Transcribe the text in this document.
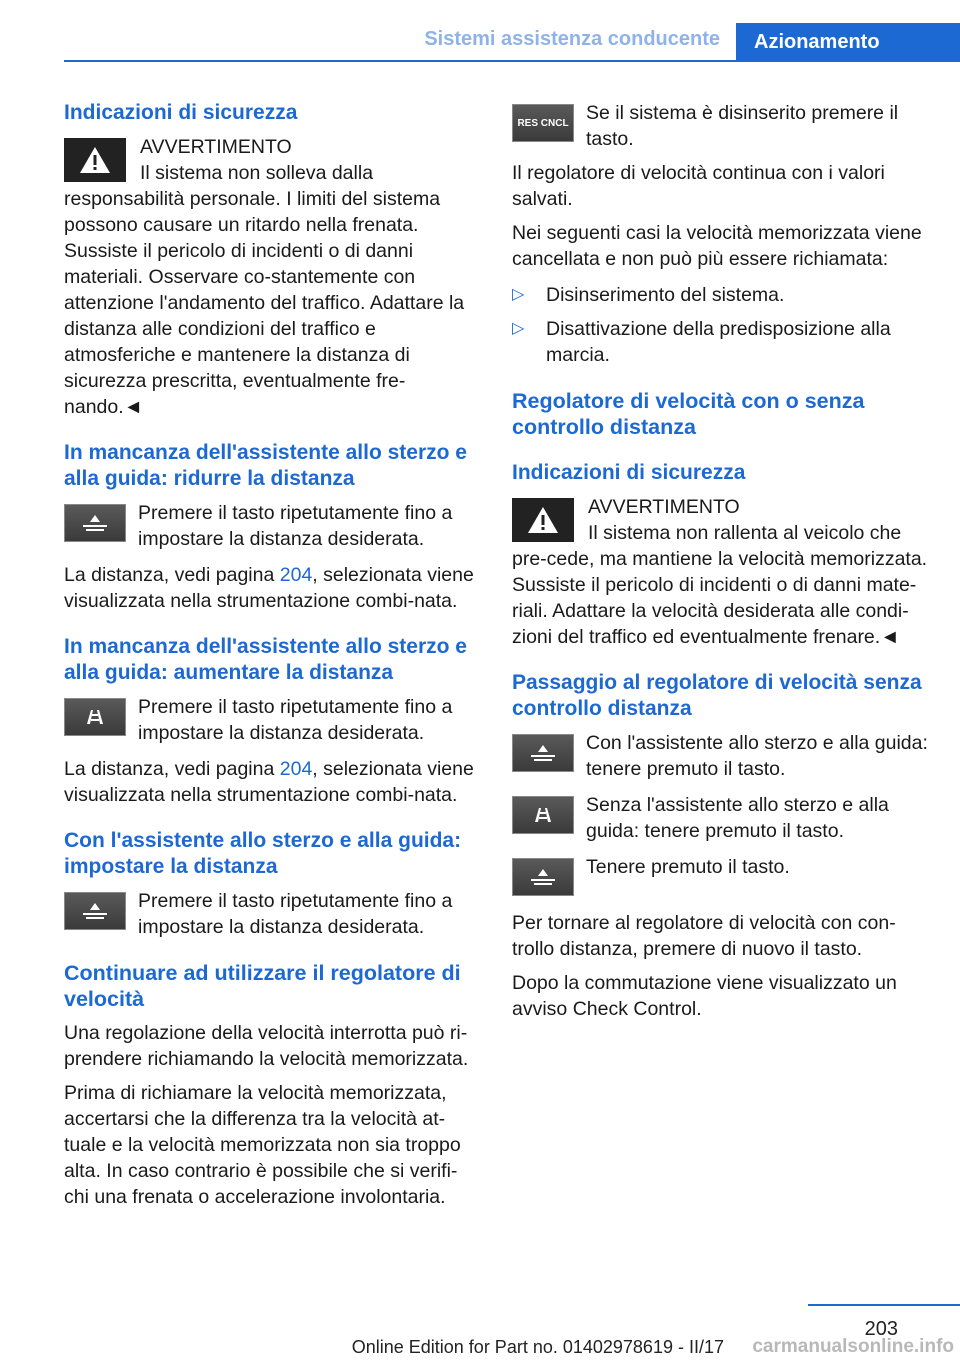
Sistemi assistenza conducente Azionamento
Indicazioni di sicurezza

AVVERTIMENTO

Il sistema non solleva dalla responsabilità personale. I limiti del sistema possono causare un ritardo nella frenata. Sussiste il pericolo di incidenti o di danni materiali. Osservare co-stantemente con attenzione l'andamento del traffico. Adattare la distanza alle condizioni del traffico e atmosferiche e mantenere la distanza di sicurezza prescritta, eventualmente fre-nando.◄

In mancanza dell'assistente allo sterzo e alla guida: ridurre la distanza

Premere il tasto ripetutamente fino a impostare la distanza desiderata.

La distanza, vedi pagina 204, selezionata viene visualizzata nella strumentazione combi-nata.

In mancanza dell'assistente allo sterzo e alla guida: aumentare la distanza

Premere il tasto ripetutamente fino a impostare la distanza desiderata.

La distanza, vedi pagina 204, selezionata viene visualizzata nella strumentazione combi-nata.

Con l'assistente allo sterzo e alla guida: impostare la distanza

Premere il tasto ripetutamente fino a impostare la distanza desiderata.

Continuare ad utilizzare il regolatore di velocità

Una regolazione della velocità interrotta può ri-prendere richiamando la velocità memorizzata.

Prima di richiamare la velocità memorizzata, accertarsi che la differenza tra la velocità at-tuale e la velocità memorizzata non sia troppo alta. In caso contrario è possibile che si verifi-chi una frenata o accelerazione involontaria.

RES CNCL Se il sistema è disinserito premere il tasto.

Il regolatore di velocità continua con i valori salvati.

Nei seguenti casi la velocità memorizzata viene cancellata e non può più essere richiamata:

▷ Disinserimento del sistema.
▷ Disattivazione della predisposizione alla marcia.
Regolatore di velocità con o senza controllo distanza
Indicazioni di sicurezza

AVVERTIMENTO

Il sistema non rallenta al veicolo che pre-cede, ma mantiene la velocità memorizzata. Sussiste il pericolo di incidenti o di danni mate-riali. Adattare la velocità desiderata alle condi-zioni del traffico ed eventualmente frenare.◄

Passaggio al regolatore di velocità senza controllo distanza

Con l'assistente allo sterzo e alla guida: tenere premuto il tasto.

Senza l'assistente allo sterzo e alla guida: tenere premuto il tasto.

Tenere premuto il tasto.

Per tornare al regolatore di velocità con con-trollo distanza, premere di nuovo il tasto.

Dopo la commutazione viene visualizzato un avviso Check Control.

203
Online Edition for Part no. 01402978619 - II/17 carmanualsonline.info
